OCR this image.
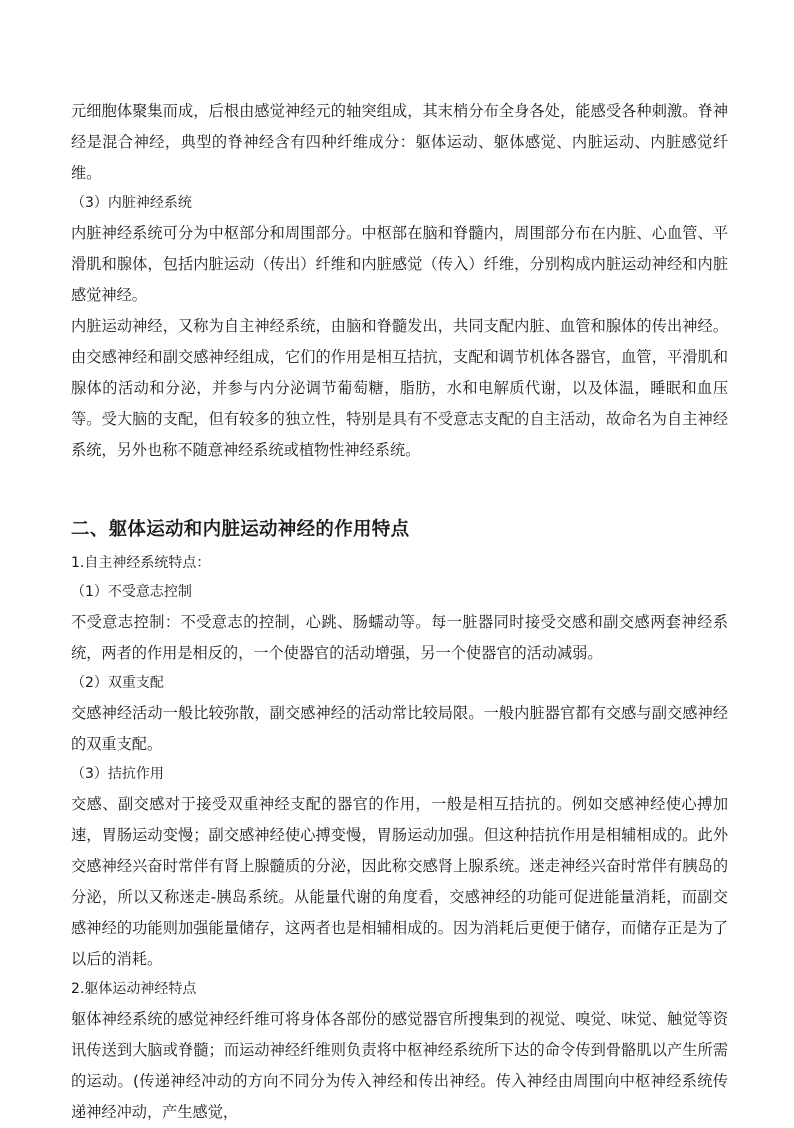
元细胞体聚集而成，后根由感觉神经元的轴突组成，其末梢分布全身各处，能感受各种刺激。脊神经是混合神经，典型的脊神经含有四种纤维成分：躯体运动、躯体感觉、内脏运动、内脏感觉纤维。

（3）内脏神经系统

内脏神经系统可分为中枢部分和周围部分。中枢部在脑和脊髓内，周围部分布在内脏、心血管、平滑肌和腺体，包括内脏运动（传出）纤维和内脏感觉（传入）纤维，分别构成内脏运动神经和内脏感觉神经。

内脏运动神经，又称为自主神经系统，由脑和脊髓发出，共同支配内脏、血管和腺体的传出神经。由交感神经和副交感神经组成，它们的作用是相互拮抗，支配和调节机体各器官，血管，平滑肌和腺体的活动和分泌，并参与内分泌调节葡萄糖，脂肪，水和电解质代谢，以及体温，睡眠和血压等。受大脑的支配，但有较多的独立性，特别是具有不受意志支配的自主活动，故命名为自主神经系统，另外也称不随意神经系统或植物性神经系统。

二、躯体运动和内脏运动神经的作用特点

1.自主神经系统特点：

（1）不受意志控制

不受意志控制：不受意志的控制，心跳、肠蠕动等。每一脏器同时接受交感和副交感两套神经系统，两者的作用是相反的，一个使器官的活动增强，另一个使器官的活动减弱。

（2）双重支配

交感神经活动一般比较弥散，副交感神经的活动常比较局限。一般内脏器官都有交感与副交感神经的双重支配。

（3）拮抗作用

交感、副交感对于接受双重神经支配的器官的作用，一般是相互拮抗的。例如交感神经使心搏加速，胃肠运动变慢；副交感神经使心搏变慢，胃肠运动加强。但这种拮抗作用是相辅相成的。此外交感神经兴奋时常伴有肾上腺髓质的分泌，因此称交感肾上腺系统。迷走神经兴奋时常伴有胰岛的分泌，所以又称迷走-胰岛系统。从能量代谢的角度看，交感神经的功能可促进能量消耗，而副交感神经的功能则加强能量储存，这两者也是相辅相成的。因为消耗后更便于储存，而储存正是为了以后的消耗。

2.躯体运动神经特点

躯体神经系统的感觉神经纤维可将身体各部份的感觉器官所搜集到的视觉、嗅觉、味觉、触觉等资讯传送到大脑或脊髓；而运动神经纤维则负责将中枢神经系统所下达的命令传到骨骼肌以产生所需的运动。(传递神经冲动的方向不同分为传入神经和传出神经。传入神经由周围向中枢神经系统传递神经冲动，产生感觉，
